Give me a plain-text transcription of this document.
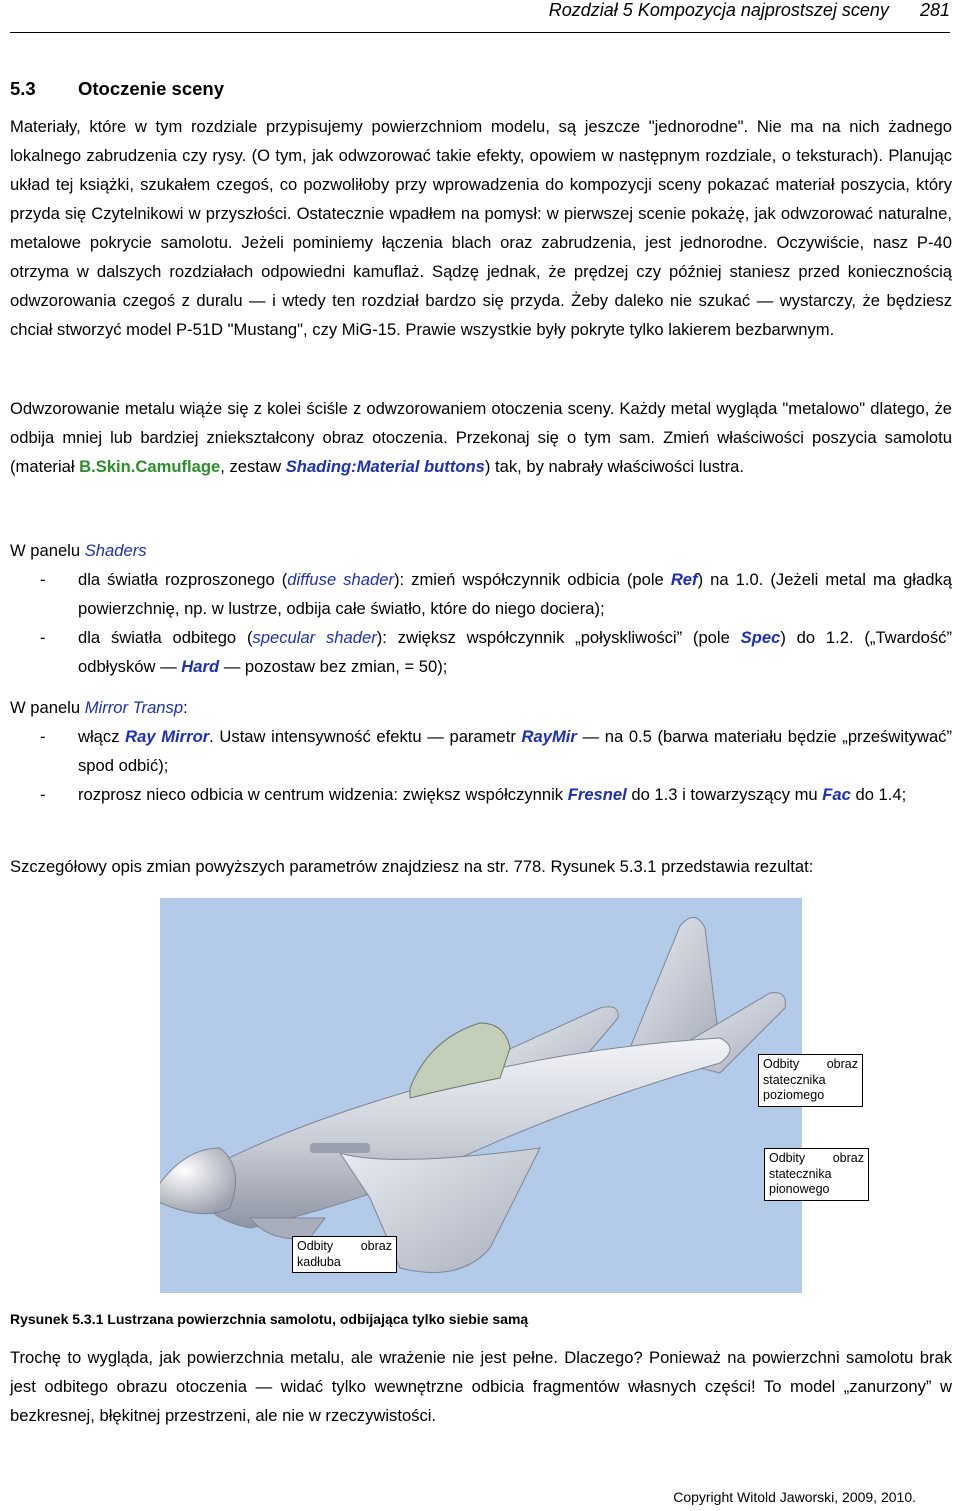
Rozdział 5 Kompozycja najprostszej sceny 281
5.3 Otoczenie sceny
Materiały, które w tym rozdziale przypisujemy powierzchniom modelu, są jeszcze "jednorodne". Nie ma na nich żadnego lokalnego zabrudzenia czy rysy. (O tym, jak odwzorować takie efekty, opowiem w następnym rozdziale, o teksturach). Planując układ tej książki, szukałem czegoś, co pozwoliłoby przy wprowadzenia do kompozycji sceny pokazać materiał poszycia, który przyda się Czytelnikowi w przyszłości. Ostatecznie wpadłem na pomysł: w pierwszej scenie pokażę, jak odwzorować naturalne, metalowe pokrycie samolotu. Jeżeli pominiemy łączenia blach oraz zabrudzenia, jest jednorodne. Oczywiście, nasz P-40 otrzyma w dalszych rozdziałach odpowiedni kamuflaż. Sądzę jednak, że prędzej czy później staniesz przed koniecznością odwzorowania czegoś z duralu — i wtedy ten rozdział bardzo się przyda. Żeby daleko nie szukać — wystarczy, że będziesz chciał stworzyć model P-51D "Mustang", czy MiG-15. Prawie wszystkie były pokryte tylko lakierem bezbarwnym.
Odwzorowanie metalu wiąże się z kolei ściśle z odwzorowaniem otoczenia sceny. Każdy metal wygląda "metalowo" dlatego, że odbija mniej lub bardziej zniekształcony obraz otoczenia. Przekonaj się o tym sam. Zmień właściwości poszycia samolotu (materiał B.Skin.Camuflage, zestaw Shading:Material buttons) tak, by nabrały właściwości lustra.
W panelu Shaders
- dla światła rozproszonego (diffuse shader): zmień współczynnik odbicia (pole Ref) na 1.0. (Jeżeli metal ma gładką powierzchnię, np. w lustrze, odbija całe światło, które do niego dociera);
- dla światła odbitego (specular shader): zwiększ współczynnik „połyskliwości” (pole Spec) do 1.2. („Twardość” odbłysków — Hard — pozostaw bez zmian, = 50);
W panelu Mirror Transp:
- włącz Ray Mirror. Ustaw intensywność efektu — parametr RayMir — na 0.5 (barwa materiału będzie „prześwitywać” spod odbić);
- rozprosz nieco odbicia w centrum widzenia: zwiększ współczynnik Fresnel do 1.3 i towarzyszący mu Fac do 1.4;
Szczegółowy opis zmian powyższych parametrów znajdziesz na str. 778. Rysunek 5.3.1 przedstawia rezultat:
Odbity obraz statecznika poziomego
Odbity obraz statecznika pionowego
Odbity obraz kadłuba
Rysunek 5.3.1 Lustrzana powierzchnia samolotu, odbijająca tylko siebie samą
Trochę to wygląda, jak powierzchnia metalu, ale wrażenie nie jest pełne. Dlaczego? Ponieważ na powierzchni samolotu brak jest odbitego obrazu otoczenia — widać tylko wewnętrzne odbicia fragmentów własnych części! To model „zanurzony” w bezkresnej, błękitnej przestrzeni, ale nie w rzeczywistości.
Copyright Witold Jaworski, 2009, 2010.
